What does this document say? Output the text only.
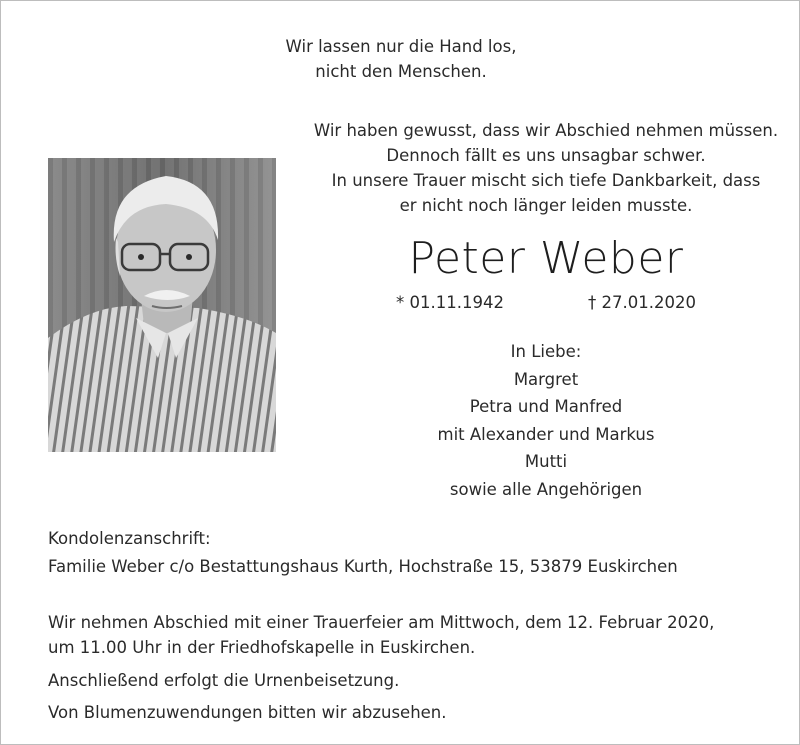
Wir lassen nur die Hand los,
nicht den Menschen.
Wir haben gewusst, dass wir Abschied nehmen müssen.
Dennoch fällt es uns unsagbar schwer.
In unsere Trauer mischt sich tiefe Dankbarkeit, dass
er nicht noch länger leiden musste.
Peter Weber
* 01.11.1942	† 27.01.2020
In Liebe:
Margret
Petra und Manfred
mit Alexander und Markus
Mutti
sowie alle Angehörigen
Kondolenzanschrift:
Familie Weber c/o Bestattungshaus Kurth, Hochstraße 15, 53879 Euskirchen
Wir nehmen Abschied mit einer Trauerfeier am Mittwoch, dem 12. Februar 2020,
um 11.00 Uhr in der Friedhofskapelle in Euskirchen.
Anschließend erfolgt die Urnenbeisetzung.
Von Blumenzuwendungen bitten wir abzusehen.
